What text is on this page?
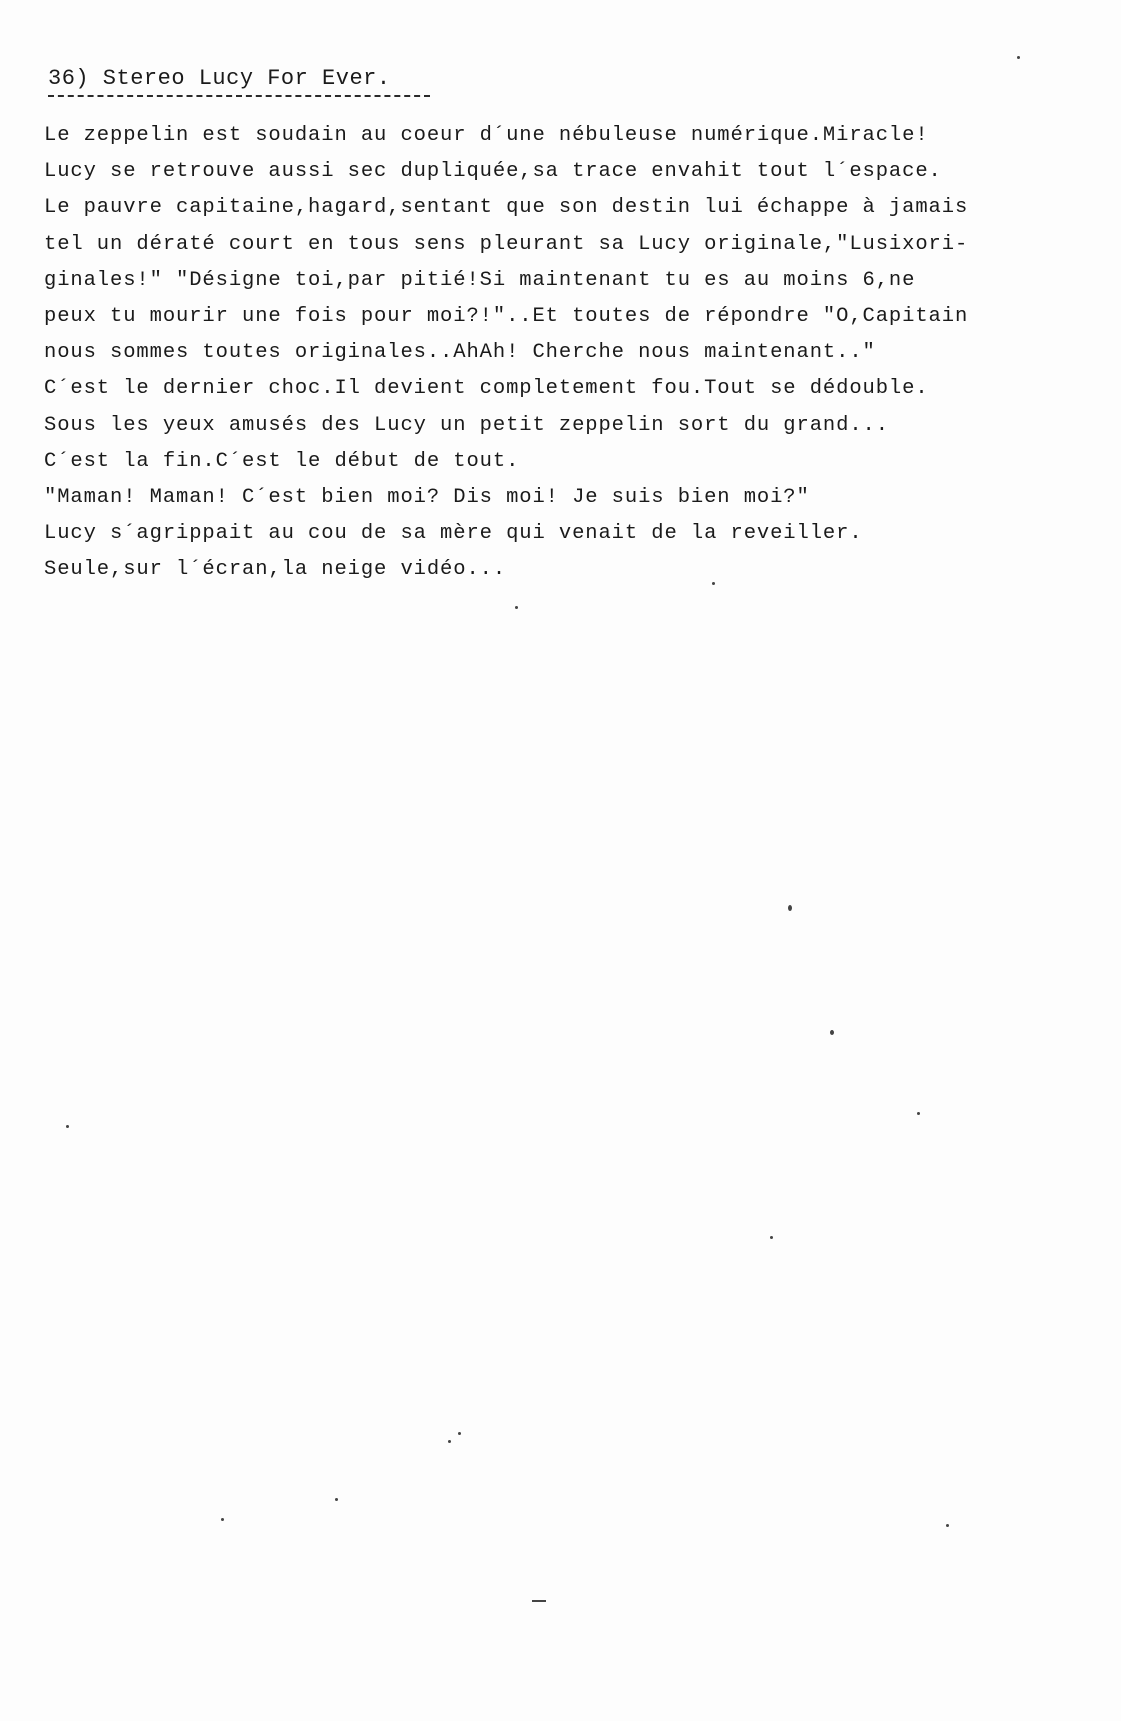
36) Stereo Lucy For Ever.
Le zeppelin est soudain au coeur d´une nébuleuse numérique.Miracle!
Lucy se retrouve aussi sec dupliquée,sa trace envahit tout l´espace.
Le pauvre capitaine,hagard,sentant que son destin lui échappe à jamais
tel un dératé court en tous sens pleurant sa Lucy originale,"Lusixori-
ginales!" "Désigne toi,par pitié!Si maintenant tu es au moins 6,ne
peux tu mourir une fois pour moi?!"..Et toutes de répondre "O,Capitain
nous sommes toutes originales..AhAh! Cherche nous maintenant.."
C´est le dernier choc.Il devient completement fou.Tout se dédouble.
Sous les yeux amusés des Lucy un petit zeppelin sort du grand...
C´est la fin.C´est le début de tout.
"Maman! Maman! C´est bien moi? Dis moi! Je suis bien moi?"
Lucy s´agrippait au cou de sa mère qui venait de la reveiller.
Seule,sur l´écran,la neige vidéo...
